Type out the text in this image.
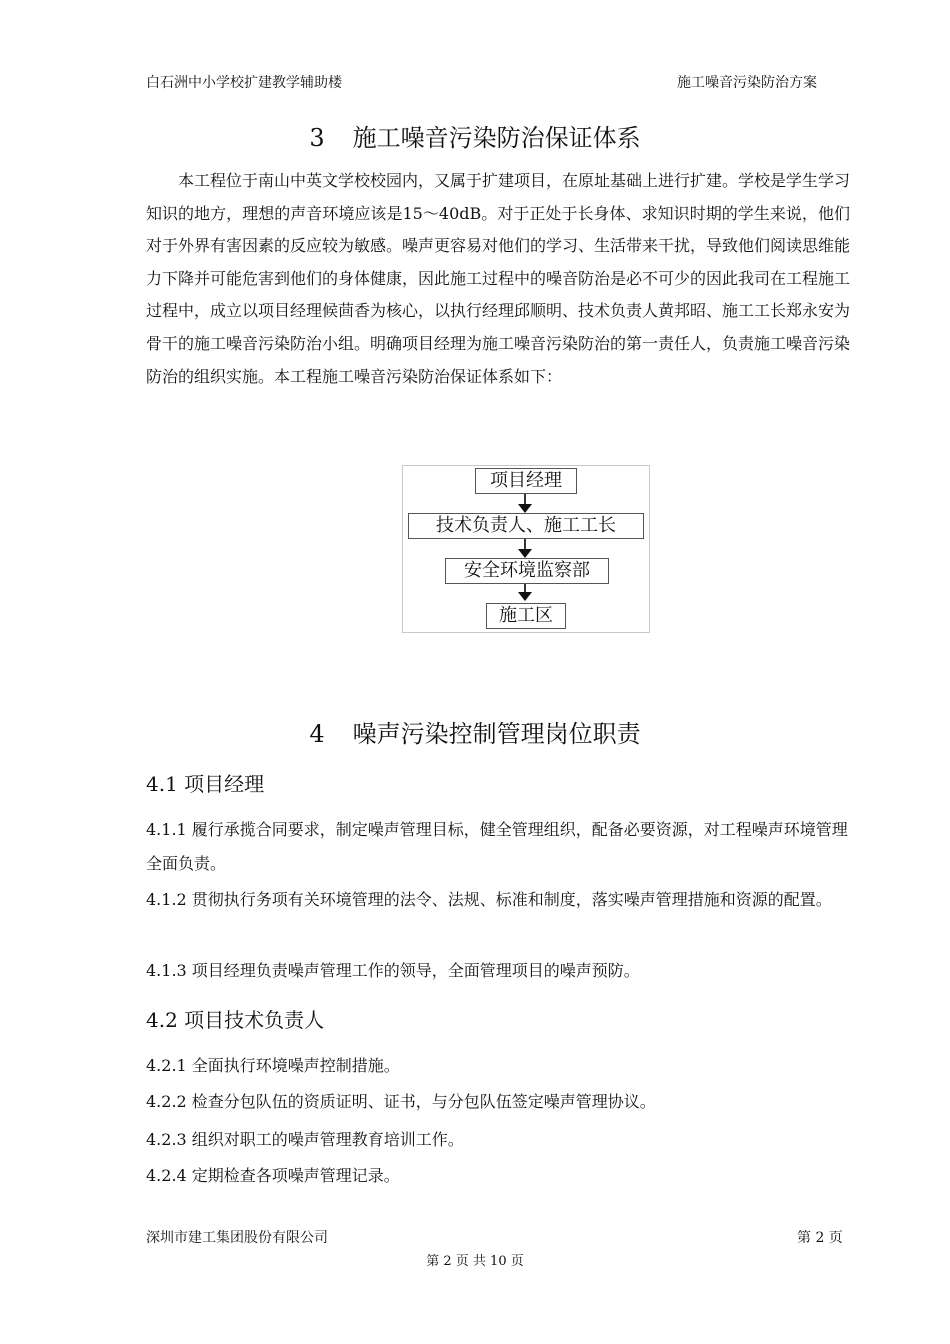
白石洲中小学校扩建教学辅助楼	施工噪音污染防治方案
3 施工噪音污染防治保证体系

本工程位于南山中英文学校校园内，又属于扩建项目，在原址基础上进行扩建。学校是学生学习知识的地方，理想的声音环境应该是15～40dB。对于正处于长身体、求知识时期的学生来说，他们对于外界有害因素的反应较为敏感。噪声更容易对他们的学习、生活带来干扰，导致他们阅读思维能力下降并可能危害到他们的身体健康，因此施工过程中的噪音防治是必不可少的因此我司在工程施工过程中，成立以项目经理候茴香为核心，以执行经理邱顺明、技术负责人黄邦昭、施工工长郑永安为骨干的施工噪音污染防治小组。明确项目经理为施工噪音污染防治的第一责任人，负责施工噪音污染防治的组织实施。本工程施工噪音污染防治保证体系如下：

项目经理
技术负责人、施工工长
安全环境监察部
施工区
4 噪声污染控制管理岗位职责
4.1 项目经理

4.1.1 履行承揽合同要求，制定噪声管理目标，健全管理组织，配备必要资源，对工程噪声环境管理全面负责。

4.1.2 贯彻执行务项有关环境管理的法令、法规、标准和制度，落实噪声管理措施和资源的配置。

4.1.3 项目经理负责噪声管理工作的领导，全面管理项目的噪声预防。

4.2 项目技术负责人

4.2.1 全面执行环境噪声控制措施。

4.2.2 检查分包队伍的资质证明、证书，与分包队伍签定噪声管理协议。

4.2.3 组织对职工的噪声管理教育培训工作。

4.2.4 定期检查各项噪声管理记录。

深圳市建工集团股份有限公司	第 2 页
第 2 页 共 10 页
